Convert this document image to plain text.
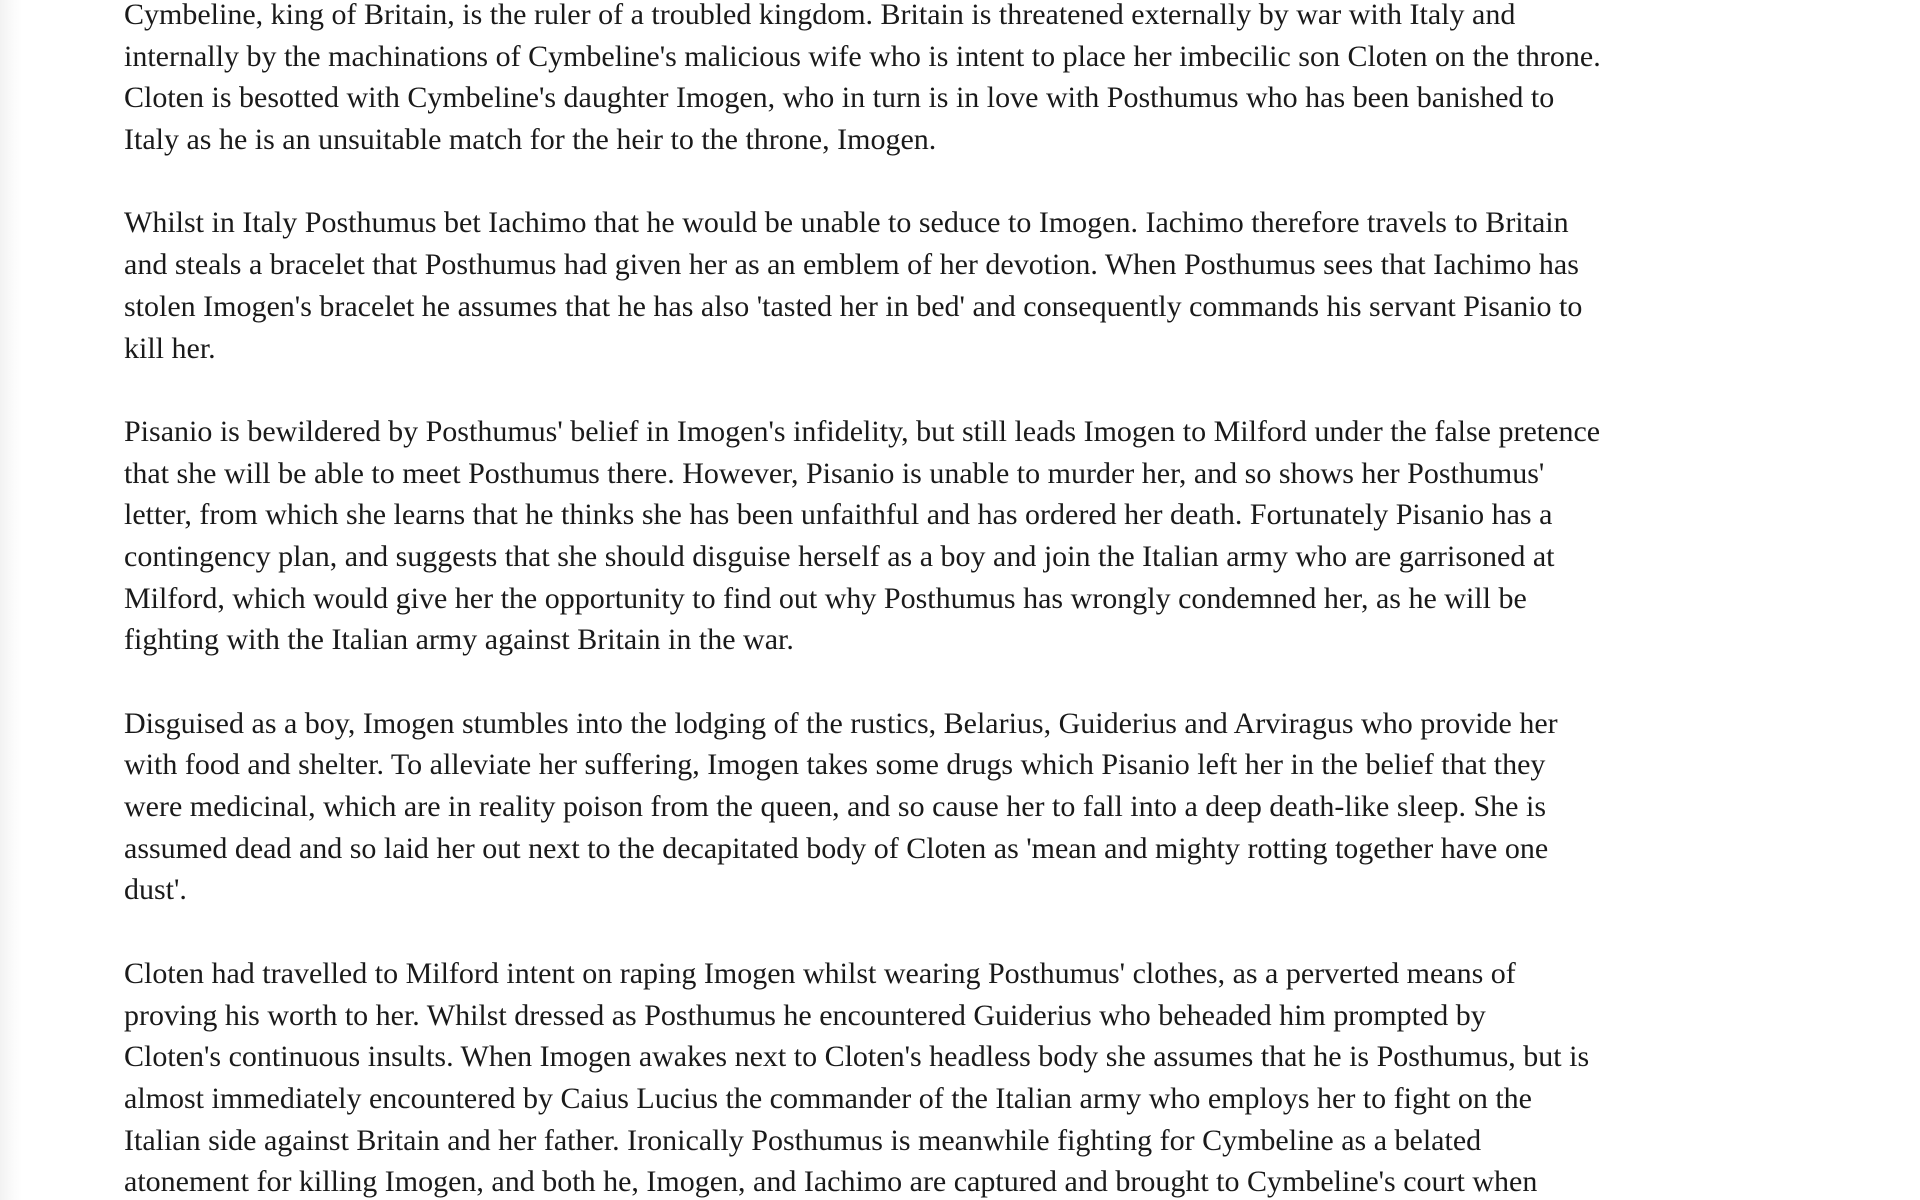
Cymbeline, king of Britain, is the ruler of a troubled kingdom. Britain is threatened externally by war with Italy and
internally by the machinations of Cymbeline's malicious wife who is intent to place her imbecilic son Cloten on the throne.
Cloten is besotted with Cymbeline's daughter Imogen, who in turn is in love with Posthumus who has been banished to
Italy as he is an unsuitable match for the heir to the throne, Imogen.
Whilst in Italy Posthumus bet Iachimo that he would be unable to seduce to Imogen. Iachimo therefore travels to Britain
and steals a bracelet that Posthumus had given her as an emblem of her devotion. When Posthumus sees that Iachimo has
stolen Imogen's bracelet he assumes that he has also 'tasted her in bed' and consequently commands his servant Pisanio to
kill her.
Pisanio is bewildered by Posthumus' belief in Imogen's infidelity, but still leads Imogen to Milford under the false pretence
that she will be able to meet Posthumus there. However, Pisanio is unable to murder her, and so shows her Posthumus'
letter, from which she learns that he thinks she has been unfaithful and has ordered her death. Fortunately Pisanio has a
contingency plan, and suggests that she should disguise herself as a boy and join the Italian army who are garrisoned at
Milford, which would give her the opportunity to find out why Posthumus has wrongly condemned her, as he will be
fighting with the Italian army against Britain in the war.
Disguised as a boy, Imogen stumbles into the lodging of the rustics, Belarius, Guiderius and Arviragus who provide her
with food and shelter. To alleviate her suffering, Imogen takes some drugs which Pisanio left her in the belief that they
were medicinal, which are in reality poison from the queen, and so cause her to fall into a deep death-like sleep. She is
assumed dead and so laid her out next to the decapitated body of Cloten as 'mean and mighty rotting together have one
dust'.
Cloten had travelled to Milford intent on raping Imogen whilst wearing Posthumus' clothes, as a perverted means of
proving his worth to her. Whilst dressed as Posthumus he encountered Guiderius who beheaded him prompted by
Cloten's continuous insults. When Imogen awakes next to Cloten's headless body she assumes that he is Posthumus, but is
almost immediately encountered by Caius Lucius the commander of the Italian army who employs her to fight on the
Italian side against Britain and her father. Ironically Posthumus is meanwhile fighting for Cymbeline as a belated
atonement for killing Imogen, and both he, Imogen, and Iachimo are captured and brought to Cymbeline's court when
